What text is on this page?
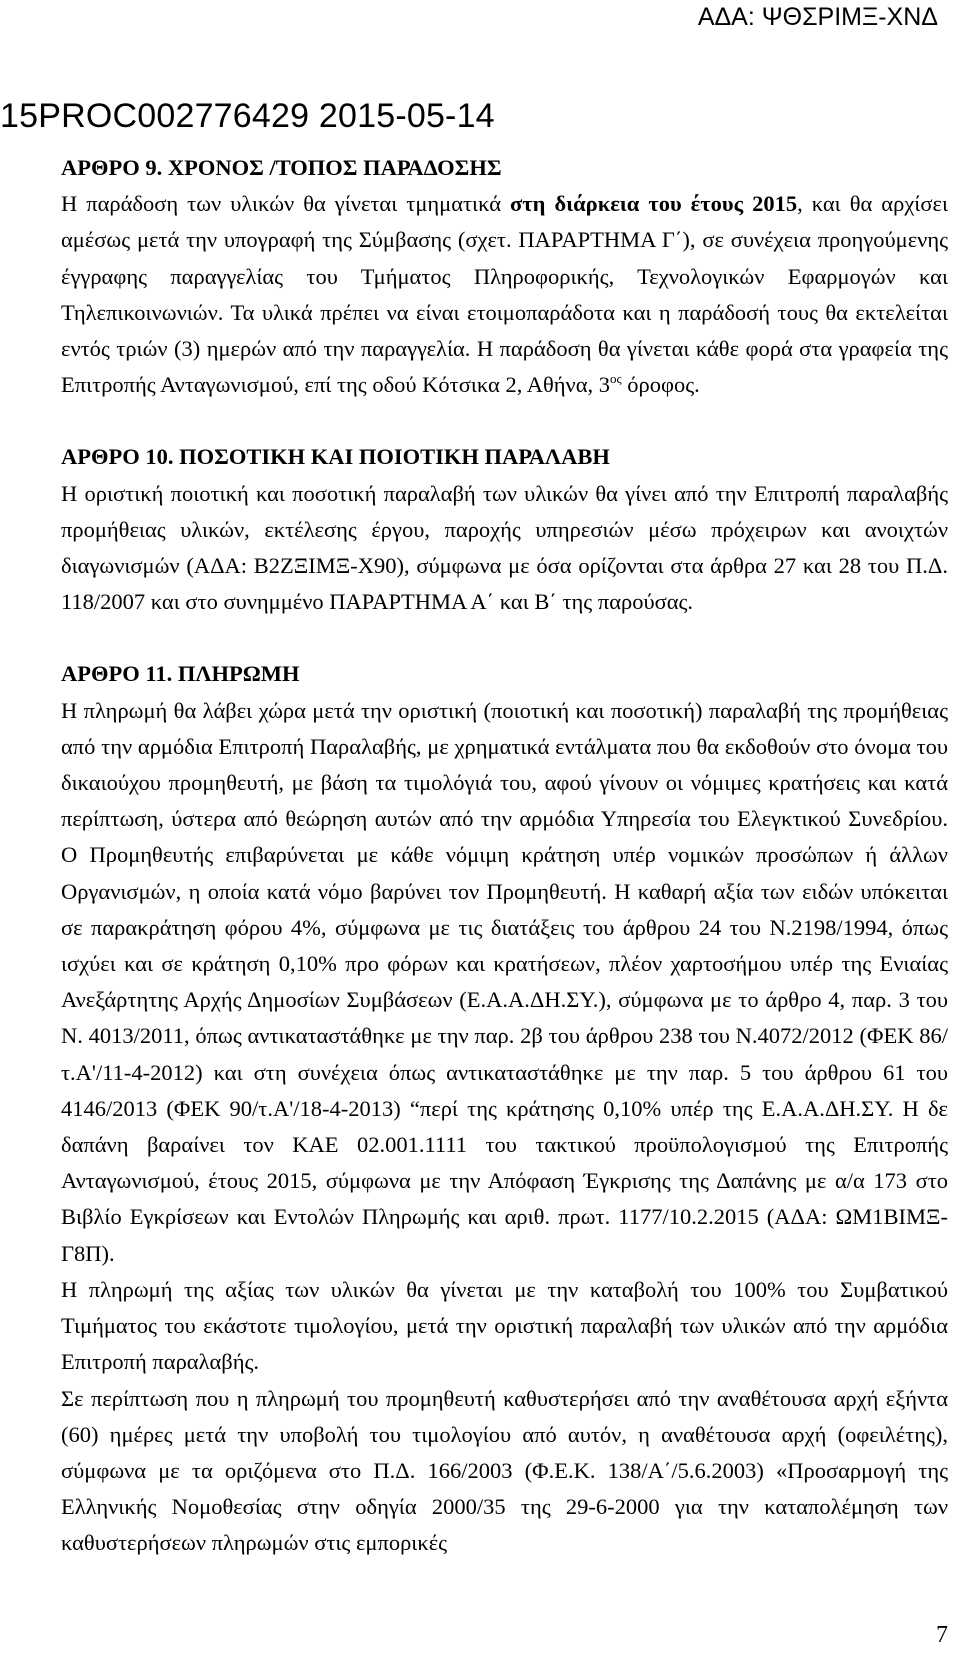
ΑΔΑ: ΨΘΣΡΙΜΞ-ΧΝΔ
15PROC002776429 2015-05-14

ΑΡΘΡΟ 9. ΧΡΟΝΟΣ /ΤΟΠΟΣ ΠΑΡΑΔΟΣΗΣ

Η παράδοση των υλικών θα γίνεται τμηματικά στη διάρκεια του έτους 2015, και θα αρχίσει αμέσως μετά την υπογραφή της Σύμβασης (σχετ. ΠΑΡΑΡΤΗΜΑ Γ΄), σε συνέχεια προηγούμενης έγγραφης παραγγελίας του Τμήματος Πληροφορικής, Τεχνολογικών Εφαρμογών και Τηλεπικοινωνιών. Τα υλικά πρέπει να είναι ετοιμοπαράδοτα και η παράδοσή τους θα εκτελείται εντός τριών (3) ημερών από την παραγγελία. Η παράδοση θα γίνεται κάθε φορά στα γραφεία της Επιτροπής Ανταγωνισμού, επί της οδού Κότσικα 2, Αθήνα, $3^{o\varsigma}$ όροφος.

ΑΡΘΡΟ 10. ΠΟΣΟΤΙΚΗ ΚΑΙ ΠΟΙΟΤΙΚΗ ΠΑΡΑΛΑΒΗ

Η οριστική ποιοτική και ποσοτική παραλαβή των υλικών θα γίνει από την Επιτροπή παραλαβής προμήθειας υλικών, εκτέλεσης έργου, παροχής υπηρεσιών μέσω πρόχειρων και ανοιχτών διαγωνισμών (ΑΔΑ: Β2ΖΞΙΜΞ-Χ90), σύμφωνα με όσα ορίζονται στα άρθρα 27 και 28 του Π.Δ. 118/2007 και στο συνημμένο ΠΑΡΑΡΤΗΜΑ Α΄ και Β΄ της παρούσας.

ΑΡΘΡΟ 11. ΠΛΗΡΩΜΗ

Η πληρωμή θα λάβει χώρα μετά την οριστική (ποιοτική και ποσοτική) παραλαβή της προμήθειας από την αρμόδια Επιτροπή Παραλαβής, με χρηματικά εντάλματα που θα εκδοθούν στο όνομα του δικαιούχου προμηθευτή, με βάση τα τιμολόγιά του, αφού γίνουν οι νόμιμες κρατήσεις και κατά περίπτωση, ύστερα από θεώρηση αυτών από την αρμόδια Υπηρεσία του Ελεγκτικού Συνεδρίου. Ο Προμηθευτής επιβαρύνεται με κάθε νόμιμη κράτηση υπέρ νομικών προσώπων ή άλλων Οργανισμών, η οποία κατά νόμο βαρύνει τον Προμηθευτή. Η καθαρή αξία των ειδών υπόκειται σε παρακράτηση φόρου 4%, σύμφωνα με τις διατάξεις του άρθρου 24 του Ν.2198/1994, όπως ισχύει και σε κράτηση 0,10% προ φόρων και κρατήσεων, πλέον χαρτοσήμου υπέρ της Ενιαίας Ανεξάρτητης Αρχής Δημοσίων Συμβάσεων (Ε.Α.Α.ΔΗ.ΣΥ.), σύμφωνα με το άρθρο 4, παρ. 3 του Ν. 4013/2011, όπως αντικαταστάθηκε με την παρ. 2β του άρθρου 238 του Ν.4072/2012 (ΦΕΚ 86/τ.Α'/11-4-2012) και στη συνέχεια όπως αντικαταστάθηκε με την παρ. 5 του άρθρου 61 του 4146/2013 (ΦΕΚ 90/τ.Α'/18-4-2013) “περί της κράτησης 0,10% υπέρ της Ε.Α.Α.ΔΗ.ΣΥ. Η δε δαπάνη βαραίνει τον ΚΑΕ 02.001.1111 του τακτικού προϋπολογισμού της Επιτροπής Ανταγωνισμού, έτους 2015, σύμφωνα με την Απόφαση Έγκρισης της Δαπάνης με α/α 173 στο Βιβλίο Εγκρίσεων και Εντολών Πληρωμής και αριθ. πρωτ. 1177/10.2.2015 (ΑΔΑ: ΩΜ1ΒΙΜΞ-Γ8Π).

Η πληρωμή της αξίας των υλικών θα γίνεται με την καταβολή του 100% του Συμβατικού Τιμήματος του εκάστοτε τιμολογίου, μετά την οριστική παραλαβή των υλικών από την αρμόδια Επιτροπή παραλαβής.

Σε περίπτωση που η πληρωμή του προμηθευτή καθυστερήσει από την αναθέτουσα αρχή εξήντα (60) ημέρες μετά την υποβολή του τιμολογίου από αυτόν, η αναθέτουσα αρχή (οφειλέτης), σύμφωνα με τα οριζόμενα στο Π.Δ. 166/2003 (Φ.Ε.Κ. 138/Α΄/5.6.2003) «Προσαρμογή της Ελληνικής Νομοθεσίας στην οδηγία 2000/35 της 29-6-2000 για την καταπολέμηση των καθυστερήσεων πληρωμών στις εμπορικές

7
